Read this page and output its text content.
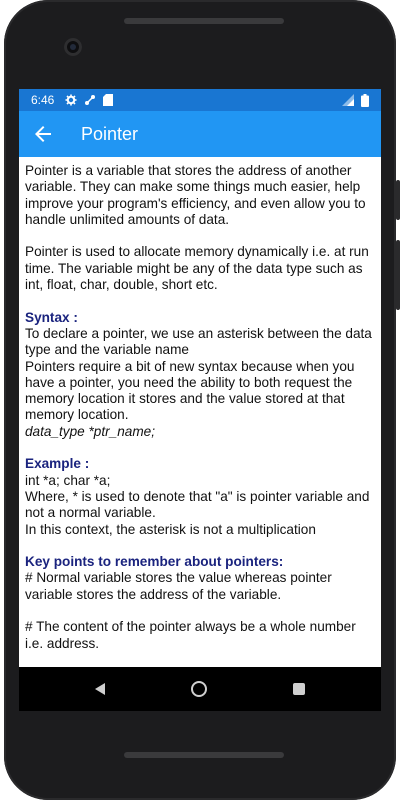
6:46
Pointer

Pointer is a variable that stores the address of another variable. They can make some things much easier, help improve your program's efficiency, and even allow you to handle unlimited amounts of data.

Pointer is used to allocate memory dynamically i.e. at run time. The variable might be any of the data type such as int, float, char, double, short etc.

Syntax :
To declare a pointer, we use an asterisk between the data type and the variable name
Pointers require a bit of new syntax because when you have a pointer, you need the ability to both request the memory location it stores and the value stored at that memory location.
data_type *ptr_name;

Example :
int *a; char *a;
Where, * is used to denote that "a" is pointer variable and not a normal variable.
In this context, the asterisk is not a multiplication

Key points to remember about pointers:
# Normal variable stores the value whereas pointer variable stores the address of the variable.

# The content of the pointer always be a whole number i.e. address.
